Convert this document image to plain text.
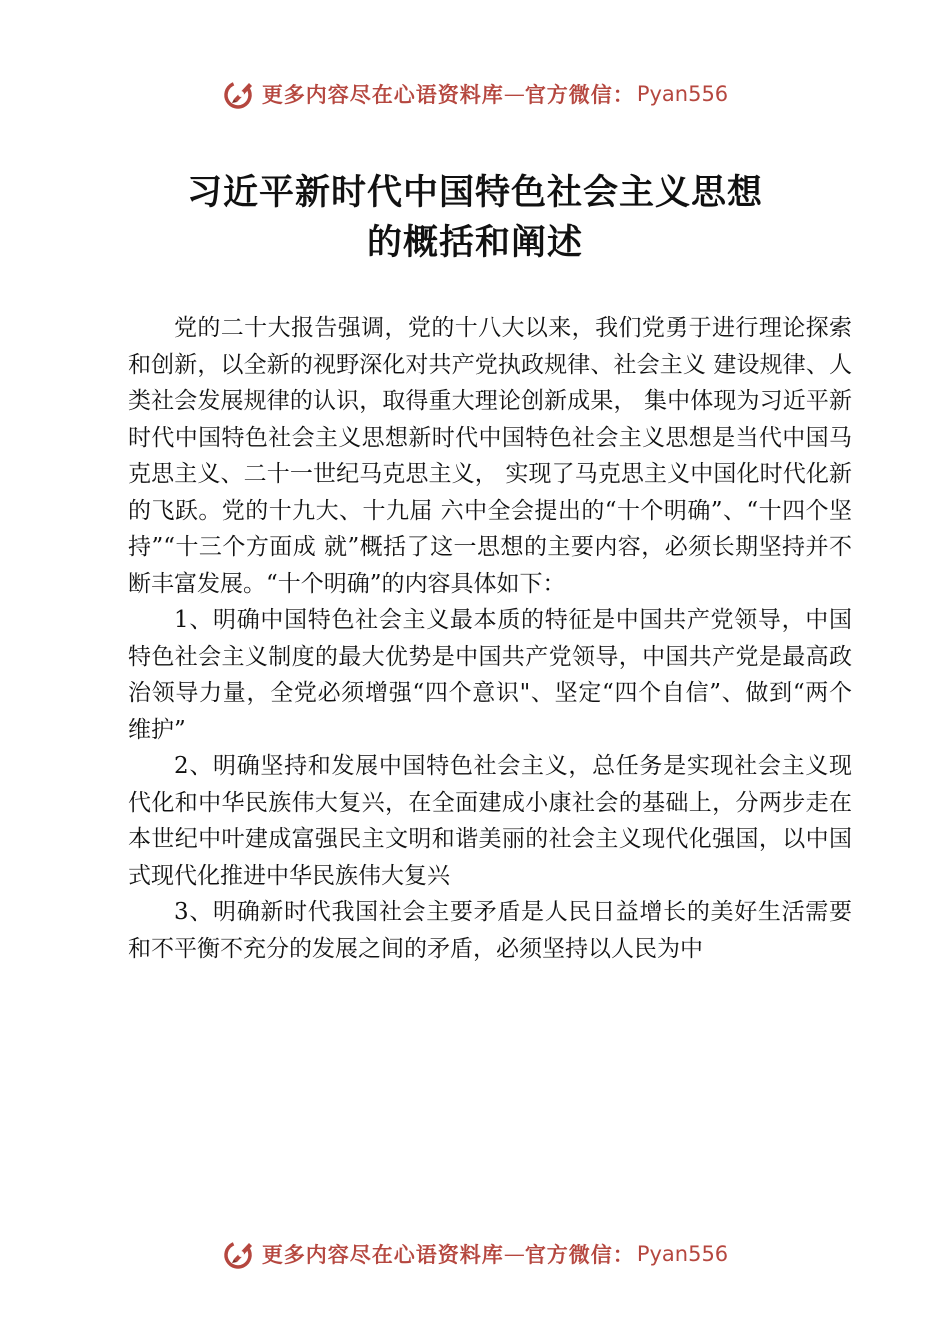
更多内容尽在心语资料库 — 官方微信： Pyan556
习近平新时代中国特色社会主义思想
的概括和阐述

党的二十大报告强调，党的十八大以来，我们党勇于进行理论探索和创新，以全新的视野深化对共产党执政规律、社会主义 建设规律、人类社会发展规律的认识，取得重大理论创新成果， 集中体现为习近平新时代中国特色社会主义思想新时代中国特色社会主义思想是当代中国马克思主义、二十一世纪马克思主义， 实现了马克思主义中国化时代化新的飞跃。党的十九大、十九届 六中全会提出的“十个明确”、“十四个坚持”“十三个方面成 就”概括了这一思想的主要内容，必须长期坚持并不断丰富发展。“十个明确”的内容具体如下：

1、明确中国特色社会主义最本质的特征是中国共产党领导，中国特色社会主义制度的最大优势是中国共产党领导，中国共产党是最高政治领导力量，全党必须增强“四个意识"、坚定“四个自信”、做到“两个维护”

2、明确坚持和发展中国特色社会主义，总任务是实现社会主义现代化和中华民族伟大复兴，在全面建成小康社会的基础上，分两步走在本世纪中叶建成富强民主文明和谐美丽的社会主义现代化强国，以中国式现代化推进中华民族伟大复兴

3、明确新时代我国社会主要矛盾是人民日益增长的美好生活需要和不平衡不充分的发展之间的矛盾，必须坚持以人民为中

更多内容尽在心语资料库 — 官方微信： Pyan556
